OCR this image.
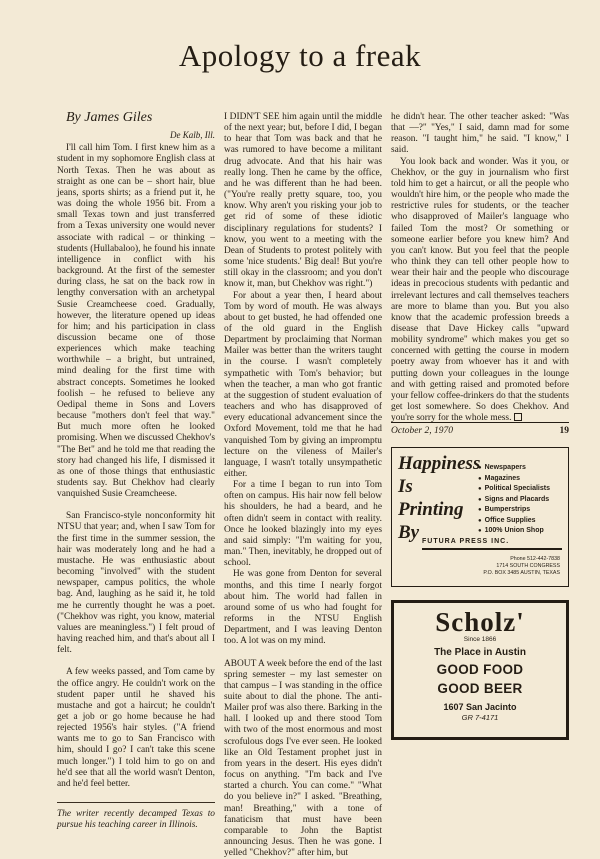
Apology to a freak

By James Giles

De Kalb, Ill.

I'll call him Tom. I first knew him as a student in my sophomore English class at North Texas. Then he was about as straight as one can be – short hair, blue jeans, sports shirts; as a friend put it, he was doing the whole 1956 bit. From a small Texas town and just transferred from a Texas university one would never associate with radical – or thinking – students (Hullabaloo), he found his innate intelligence in conflict with his background. At the first of the semester during class, he sat on the back row in lengthy conversation with an archetypal Susie Creamcheese coed. Gradually, however, the literature opened up ideas for him; and his participation in class discussion became one of those experiences which make teaching worthwhile – a bright, but untrained, mind dealing for the first time with abstract concepts. Sometimes he looked foolish – he refused to believe any Oedipal theme in Sons and Lovers because "mothers don't feel that way." But much more often he looked promising. When we discussed Chekhov's "The Bet" and he told me that reading the story had changed his life, I dismissed it as one of those things that enthusiastic students say. But Chekhov had clearly vanquished Susie Creamcheese.

San Francisco-style nonconformity hit NTSU that year; and, when I saw Tom for the first time in the summer session, the hair was moderately long and he had a mustache. He was enthusiastic about becoming "involved" with the student newspaper, campus politics, the whole bag. And, laughing as he said it, he told me he currently thought he was a poet. ("Chekhov was right, you know, material values are meaningless.") I felt proud of having reached him, and that's about all I felt.

A few weeks passed, and Tom came by the office angry. He couldn't work on the student paper until he shaved his mustache and got a haircut; he couldn't get a job or go home because he had rejected 1956's hair styles. ("A friend wants me to go to San Francisco with him, should I go? I can't take this scene much longer.") I told him to go on and he'd see that all the world wasn't Denton, and he'd feel better.

The writer recently decamped Texas to pursue his teaching career in Illinois.

I DIDN'T SEE him again until the middle of the next year; but, before I did, I began to hear that Tom was back and that he was rumored to have become a militant drug advocate. And that his hair was really long. Then he came by the office, and he was different than he had been. ("You're really pretty square, too, you know. Why aren't you risking your job to get rid of some of these idiotic disciplinary regulations for students? I know, you went to a meeting with the Dean of Students to protest politely with some 'nice students.' Big deal! But you're still okay in the classroom; and you don't know it, man, but Chekhov was right.")

For about a year then, I heard about Tom by word of mouth. He was always about to get busted, he had offended one of the old guard in the English Department by proclaiming that Norman Mailer was better than the writers taught in the course. I wasn't completely sympathetic with Tom's behavior; but when the teacher, a man who got frantic at the suggestion of student evaluation of teachers and who has disapproved of every educational advancement since the Oxford Movement, told me that he had vanquished Tom by giving an impromptu lecture on the vileness of Mailer's language, I wasn't totally unsympathetic either.

For a time I began to run into Tom often on campus. His hair now fell below his shoulders, he had a beard, and he often didn't seem in contact with reality. Once he looked blazingly into my eyes and said simply: "I'm waiting for you, man." Then, inevitably, he dropped out of school.

He was gone from Denton for several months, and this time I nearly forgot about him. The world had fallen in around some of us who had fought for reforms in the NTSU English Department, and I was leaving Denton too. A lot was on my mind.

ABOUT A week before the end of the last spring semester – my last semester on that campus – I was standing in the office suite about to dial the phone. The anti-Mailer prof was also there. Barking in the hall. I looked up and there stood Tom with two of the most enormous and most scrofulous dogs I've ever seen. He looked like an Old Testament prophet just in from years in the desert. His eyes didn't focus on anything. "I'm back and I've started a church. You can come." "What do you believe in?" I asked. "Breathing, man! Breathing," with a tone of fanaticism that must have been comparable to John the Baptist announcing Jesus. Then he was gone. I yelled "Chekhov?" after him, but

he didn't hear. The other teacher asked: "Was that ––?" "Yes," I said, damn mad for some reason. "I taught him," he said. "I know," I said.

You look back and wonder. Was it you, or Chekhov, or the guy in journalism who first told him to get a haircut, or all the people who wouldn't hire him, or the people who made the restrictive rules for students, or the teacher who disapproved of Mailer's language who failed Tom the most? Or something or someone earlier before you knew him? And you can't know. But you feel that the people who think they can tell other people how to wear their hair and the people who discourage ideas in precocious students with pedantic and irrelevant lectures and call themselves teachers are more to blame than you. But you also know that the academic profession breeds a disease that Dave Hickey calls "upward mobility syndrome" which makes you get so concerned with getting the course in modern poetry away from whoever has it and with putting down your colleagues in the lounge and with getting raised and promoted before your fellow coffee-drinkers do that the students get lost somewhere. So does Chekhov. And you're sorry for the whole mess.

October 2, 1970	19
Happiness
Is
Printing
By
● Newspapers
● Magazines
● Political Specialists
● Signs and Placards
● Bumperstrips
● Office Supplies
● 100% Union Shop
FUTURA PRESS INC.
Phone 512-442-7838
1714 SOUTH CONGRESS
P.O. BOX 3485 AUSTIN, TEXAS
Scholz'
Since 1866
The Place in Austin
GOOD FOOD
GOOD BEER
1607 San Jacinto
GR 7-4171
